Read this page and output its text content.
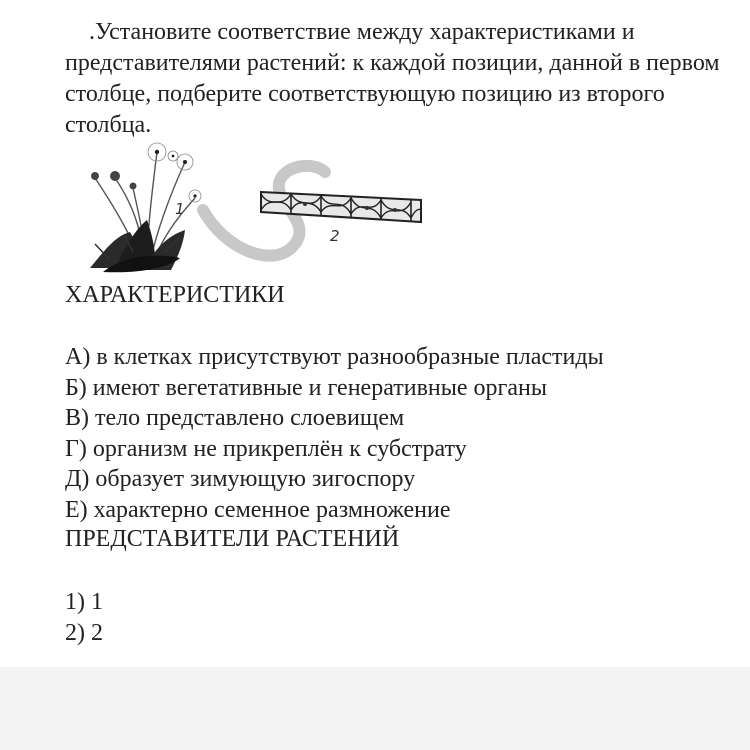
.Установите соответствие между характеристиками и представителями растений: к каждой позиции, данной в первом столбце, подберите соответствующую позицию из второго столбца.

1
2
ХАРАКТЕРИСТИКИ
А) в клетках присутствуют разнообразные пластиды
Б) имеют вегетативные и генеративные органы
В) тело представлено слоевищем
Г) организм не прикреплён к субстрату
Д) образует зимующую зигоспору
Е) характерно семенное размножение
ПРЕДСТАВИТЕЛИ РАСТЕНИЙ
1) 1
2) 2
